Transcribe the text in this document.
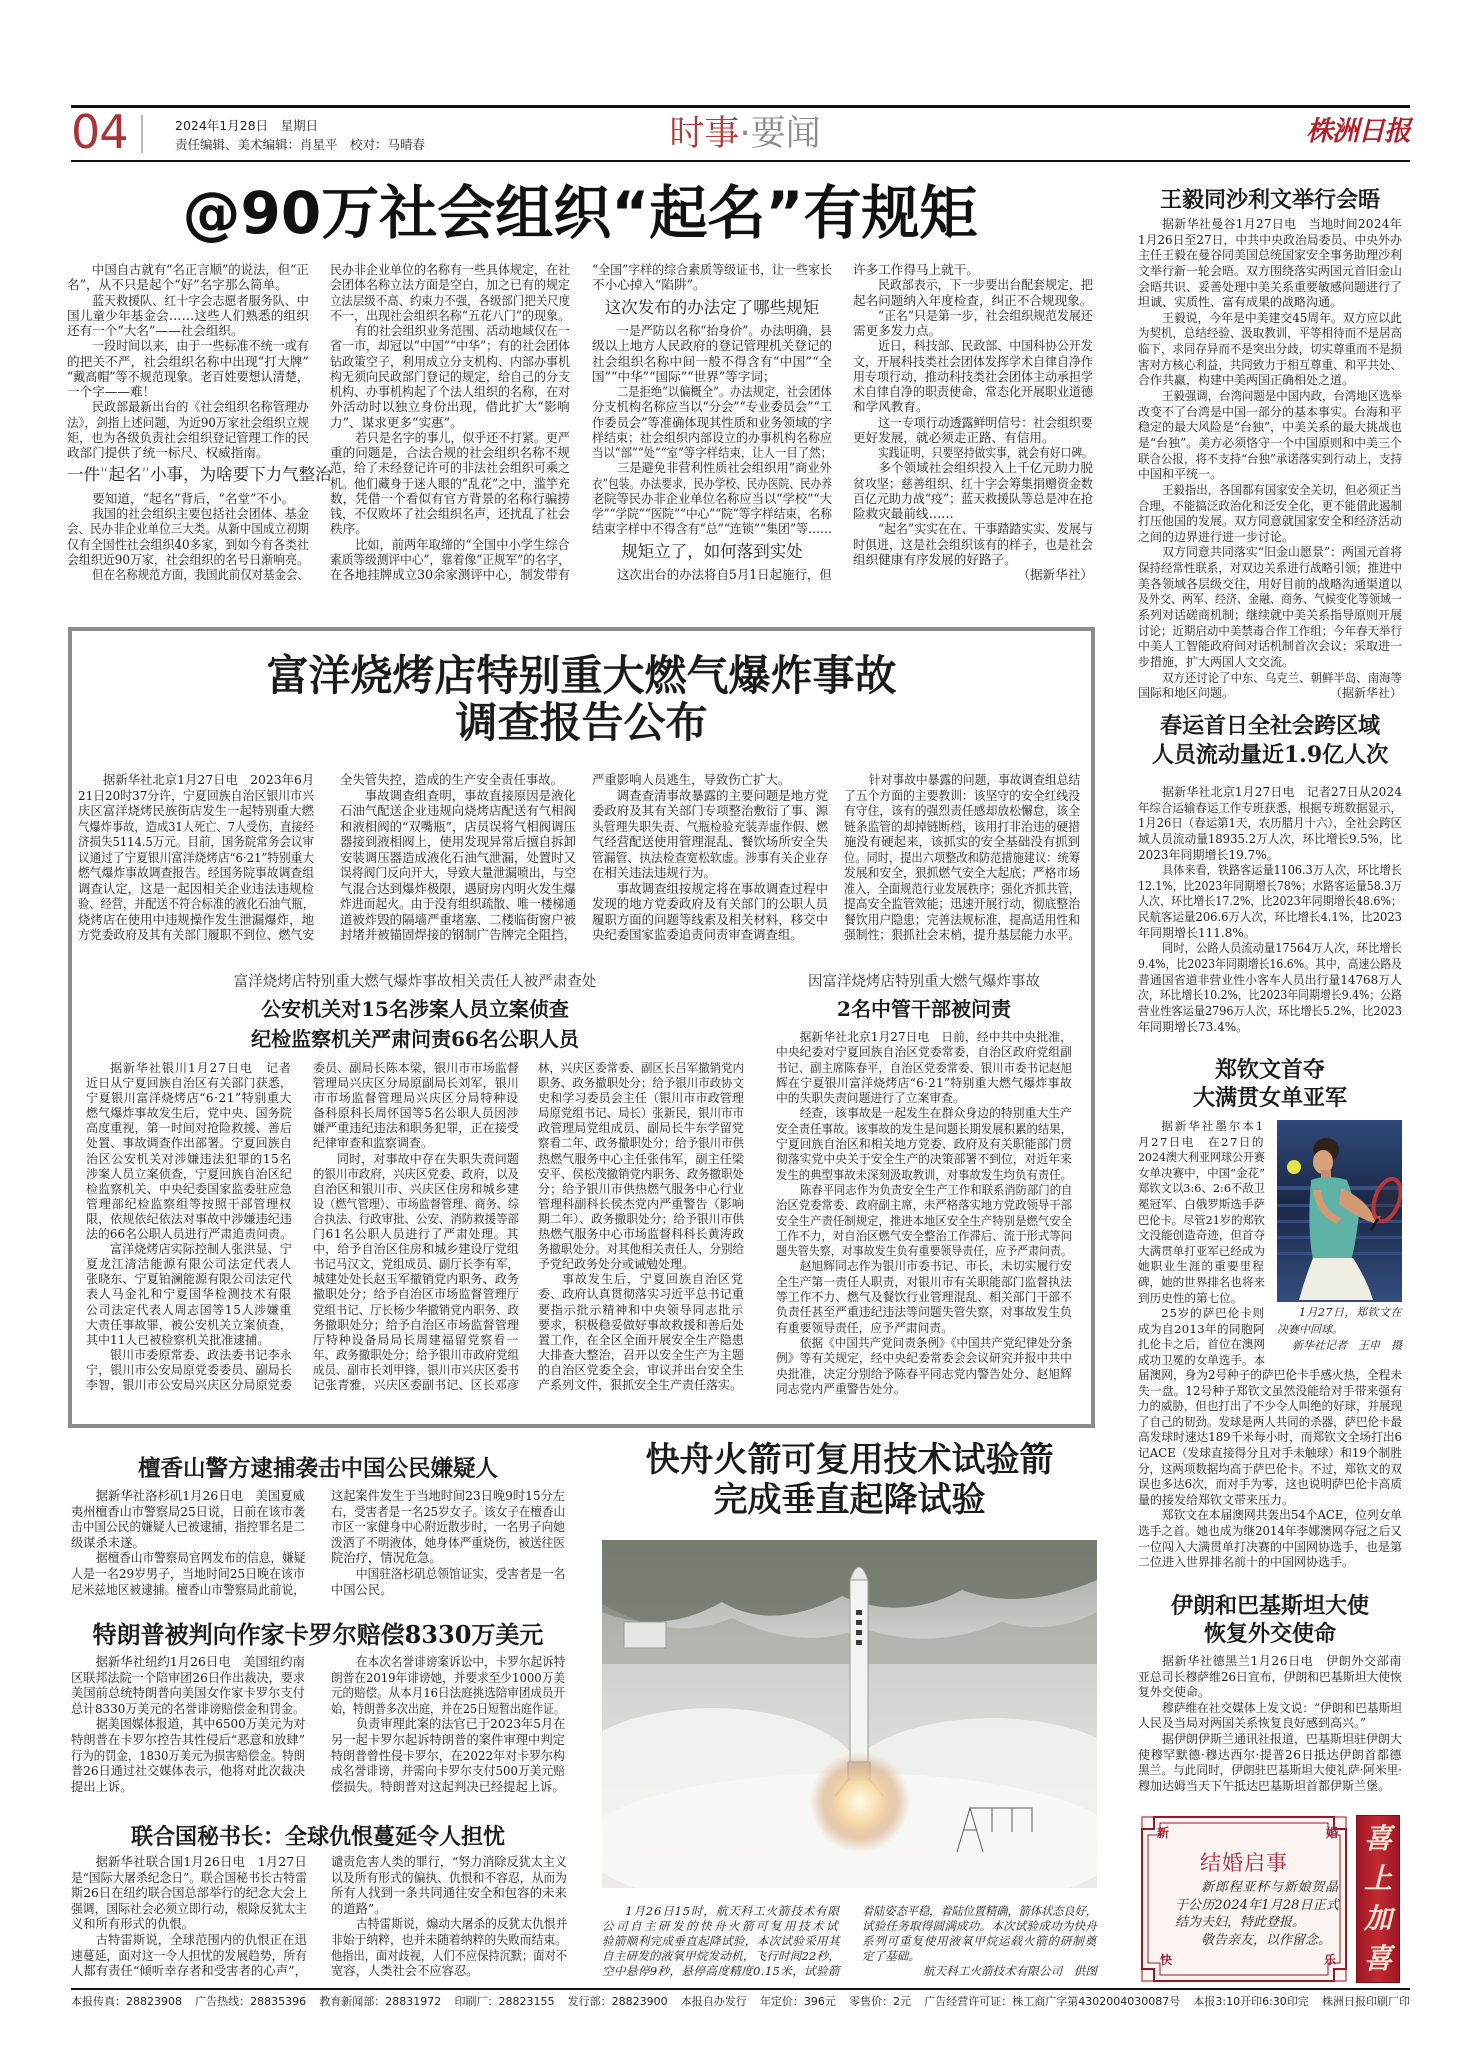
04	2024年1月28日　星期日
责任编辑、美术编辑：肖星平　校对：马晴春	时事·要闻	株洲日报
@90万社会组织“起名”有规矩
中国自古就有“名正言顺”的说法，但“正
名”，从不只是起个“好”名字那么简单。
蓝天救援队、红十字会志愿者服务队、中
国儿童少年基金会……这些人们熟悉的组织
还有一个“大名”——社会组织。
一段时间以来，由于一些标准不统一或有
的把关不严，社会组织名称中出现“打大牌”
“戴高帽”等不规范现象。老百姓要想认清楚，
一个字——难！
民政部最新出台的《社会组织名称管理办
法》，剑指上述问题，为近90万家社会组织立规
矩，也为各级负责社会组织登记管理工作的民
政部门提供了统一标尺、权威指南。
一件“起名”小事，为啥要下力气整治
要知道，“起名”背后，“名堂”不小。
我国的社会组织主要包括社会团体、基金
会、民办非企业单位三大类。从新中国成立初期
仅有全国性社会组织40多家，到如今有各类社
会组织近90万家，社会组织的名号日渐响亮。
但在名称规范方面，我国此前仅对基金会、
民办非企业单位的名称有一些具体规定，在社
会团体名称立法方面是空白，加之已有的规定
立法层级不高、约束力不强，各级部门把关尺度
不一，出现社会组织名称“五花八门”的现象。
有的社会组织业务范围、活动地域仅在一
省一市，却冠以“中国”“中华”；有的社会团体
钻政策空子，利用成立分支机构、内部办事机
构无须向民政部门登记的规定，给自己的分支
机构、办事机构起了个法人组织的名称，在对
外活动时以独立身份出现，借此扩大“影响
力”、谋求更多“实惠”。
若只是名字的事儿，似乎还不打紧。更严
重的问题是，合法合规的社会组织名称不规
范，给了未经登记许可的非法社会组织可乘之
机。他们藏身于迷人眼的“乱花”之中，滥竽充
数，凭借一个看似有官方背景的名称行骗捞
钱，不仅败坏了社会组织名声，还扰乱了社会
秩序。
比如，前两年取缔的“全国中小学生综合
素质等级测评中心”，靠着像“正规军”的名字，
在各地挂牌成立30余家测评中心，制发带有
“全国”字样的综合素质等级证书，让一些家长
不小心掉入“陷阱”。
这次发布的办法定了哪些规矩
一是严防以名称“抬身价”。办法明确，县
级以上地方人民政府的登记管理机关登记的
社会组织名称中间一般不得含有“中国”“全
国”“中华”“国际”“世界”等字词；
二是拒绝“以偏概全”。办法规定，社会团体
分支机构名称应当以“分会”“专业委员会”“工
作委员会”等准确体现其性质和业务领域的字
样结束；社会组织内部设立的办事机构名称应
当以“部”“处”“室”等字样结束，让人一目了然；
三是避免非营利性质社会组织用“商业外
衣”包装。办法要求，民办学校、民办医院、民办养
老院等民办非企业单位名称应当以“学校”“大
学”“学院”“医院”“中心”“院”等字样结束，名称
结束字样中不得含有“总”“连锁”“集团”等……
规矩立了，如何落到实处
这次出台的办法将自5月1日起施行，但
许多工作得马上就干。
民政部表示，下一步要出台配套规定，把
起名问题纳入年度检查，纠正不合规现象。
“正名”只是第一步，社会组织规范发展还
需更多发力点。
近日，科技部、民政部、中国科协公开发
文，开展科技类社会团体发挥学术自律自净作
用专项行动，推动科技类社会团体主动承担学
术自律自净的职责使命，常态化开展职业道德
和学风教育。
这一专项行动透露鲜明信号：社会组织要
更好发展，就必须走正路、有信用。
实践证明，只要坚持做实事，就会有好口碑。
多个领域社会组织投入上千亿元助力脱
贫攻坚；慈善组织、红十字会筹集捐赠资金数
百亿元助力战“疫”；蓝天救援队等总是冲在抢
险救灾最前线……
“起名”实实在在、干事踏踏实实、发展与
时俱进，这是社会组织该有的样子，也是社会
组织健康有序发展的好路子。
（据新华社）
富洋烧烤店特别重大燃气爆炸事故
调查报告公布
据新华社北京1月27日电　2023年6月
21日20时37分许，宁夏回族自治区银川市兴
庆区富洋烧烤民族街店发生一起特别重大燃
气爆炸事故，造成31人死亡、7人受伤，直接经
济损失5114.5万元。目前，国务院常务会议审
议通过了宁夏银川富洋烧烤店“6·21”特别重大
燃气爆炸事故调查报告。经国务院事故调查组
调查认定，这是一起因相关企业违法违规检
验、经营，并配送不符合标准的液化石油气瓶，
烧烤店在使用中违规操作发生泄漏爆炸，地
方党委政府及其有关部门履职不到位、燃气安
全失管失控，造成的生产安全责任事故。
事故调查组查明，事故直接原因是液化
石油气配送企业违规向烧烤店配送有气相阀
和液相阀的“双嘴瓶”，店员误将气相阀调压
器接到液相阀上，使用发现异常后擅自拆卸
安装调压器造成液化石油气泄漏，处置时又
误将阀门反向开大，导致大量泄漏喷出，与空
气混合达到爆炸极限，遇厨房内明火发生爆
炸进而起火。由于没有组织疏散、唯一楼梯通
道被炸毁的隔墙严重堵塞、二楼临街窗户被
封堵并被锚固焊接的钢制广告牌完全阻挡，
严重影响人员逃生，导致伤亡扩大。
调查查清事故暴露的主要问题是地方党
委政府及其有关部门专项整治敷衍了事、源
头管理失职失责、气瓶检验充装弄虚作假、燃
气经营配送使用管理混乱、餐饮场所安全失
管漏管、执法检查宽松软虚。涉事有关企业存
在相关违法违规行为。
事故调查组按规定将在事故调查过程中
发现的地方党委政府及有关部门的公职人员
履职方面的问题等线索及相关材料，移交中
央纪委国家监委追责问责审查调查组。
针对事故中暴露的问题，事故调查组总结
了五个方面的主要教训：该坚守的安全红线没
有守住，该有的强烈责任感却放松懈怠，该全
链条监管的却掉链断档，该用打非治违的硬措
施没有硬起来，该抓实的安全基础没有抓到
位。同时，提出六项整改和防范措施建议：统筹
发展和安全，狠抓燃气安全大起底；严格市场
准入，全面规范行业发展秩序；强化齐抓共管，
提高安全监管效能；迅速开展行动，彻底整治
餐饮用户隐患；完善法规标准，提高适用性和
强制性；狠抓社会末梢，提升基层能力水平。
富洋烧烤店特别重大燃气爆炸事故相关责任人被严肃查处
公安机关对15名涉案人员立案侦查
纪检监察机关严肃问责66名公职人员
据新华社银川1月27日电　记者
近日从宁夏回族自治区有关部门获悉，
宁夏银川富洋烧烤店“6·21”特别重大
燃气爆炸事故发生后，党中央、国务院
高度重视，第一时间对抢险救援、善后
处置、事故调查作出部署。宁夏回族自
治区公安机关对涉嫌违法犯罪的15名
涉案人员立案侦查，宁夏回族自治区纪
检监察机关、中央纪委国家监委驻应急
管理部纪检监察组等按照干部管理权
限，依规依纪依法对事故中涉嫌违纪违
法的66名公职人员进行严肃追责问责。
富洋烧烤店实际控制人张洪显、宁
夏龙江清洁能源有限公司法定代表人
张晓东、宁夏铂澜能源有限公司法定代
表人马金礼和宁夏国华检测技术有限
公司法定代表人周志国等15人涉嫌重
大责任事故罪，被公安机关立案侦查，
其中11人已被检察机关批准逮捕。
银川市委原常委、政法委书记李永
宁，银川市公安局原党委委员、副局长
李智，银川市公安局兴庆区分局原党委
委员、副局长陈本梁，银川市市场监督
管理局兴庆区分局原副局长刘军，银川
市市场监督管理局兴庆区分局特种设
备科原科长周怀国等5名公职人员因涉
嫌严重违纪违法和职务犯罪，正在接受
纪律审查和监察调查。
同时，对事故中存在失职失责问题
的银川市政府，兴庆区党委、政府，以及
自治区和银川市、兴庆区住房和城乡建
设（燃气管理）、市场监督管理、商务、综
合执法、行政审批、公安、消防救援等部
门61名公职人员进行了严肃处理。其
中，给予自治区住房和城乡建设厅党组
书记马汉文，党组成员、副厅长李有军，
城建处处长赵玉军撤销党内职务、政务
撤职处分；给予自治区市场监督管理厅
党组书记、厅长杨少华撤销党内职务、政
务撤职处分；给予自治区市场监督管理
厅特种设备局局长周建福留党察看一
年、政务撤职处分；给予银川市政府党组
成员、副市长刘甲锋，银川市兴庆区委书
记张青雅，兴庆区委副书记、区长邓彦
林，兴庆区委常委、副区长吕军撤销党内
职务、政务撤职处分；给予银川市政协文
史和学习委员会主任（银川市市政管理
局原党组书记、局长）张新民，银川市市
政管理局党组成员、副局长牛东学留党
察看二年、政务撤职处分；给予银川市供
热燃气服务中心主任张伟军，副主任梁
安平、侯松茂撤销党内职务、政务撤职处
分；给予银川市供热燃气服务中心行业
管理科副科长侯杰党内严重警告（影响
期二年）、政务撤职处分；给予银川市供
热燃气服务中心市场监督科科长黄涛政
务撤职处分。对其他相关责任人，分别给
予党纪政务处分或诫勉处理。
事故发生后，宁夏回族自治区党
委、政府认真贯彻落实习近平总书记重
要指示批示精神和中央领导同志批示
要求，积极稳妥做好事故救援和善后处
置工作，在全区全面开展安全生产隐患
大排查大整治，召开以安全生产为主题
的自治区党委全会，审议并出台安全生
产系列文件，狠抓安全生产责任落实。
因富洋烧烤店特别重大燃气爆炸事故
2名中管干部被问责
据新华社北京1月27日电　日前，经中共中央批准，
中央纪委对宁夏回族自治区党委常委，自治区政府党组副
书记、副主席陈春平，自治区党委常委、银川市委书记赵旭
辉在宁夏银川富洋烧烤店“6·21”特别重大燃气爆炸事故
中的失职失责问题进行了立案审查。
经查，该事故是一起发生在群众身边的特别重大生产
安全责任事故。该事故的发生是问题长期发展积累的结果，
宁夏回族自治区和相关地方党委、政府及有关职能部门贯
彻落实党中央关于安全生产的决策部署不到位，对近年来
发生的典型事故未深刻汲取教训，对事故发生均负有责任。
陈春平同志作为负责安全生产工作和联系消防部门的自
治区党委常委、政府副主席，未严格落实地方党政领导干部
安全生产责任制规定，推进本地区安全生产特别是燃气安全
工作不力，对自治区燃气安全整治工作滞后、流于形式等问
题失管失察，对事故发生负有重要领导责任，应予严肃问责。
赵旭辉同志作为银川市委书记、市长，未切实履行安
全生产第一责任人职责，对银川市有关职能部门监督执法
等工作不力、燃气及餐饮行业管理混乱、相关部门干部不
负责任甚至严重违纪违法等问题失管失察，对事故发生负
有重要领导责任，应予严肃问责。
依据《中国共产党问责条例》《中国共产党纪律处分条
例》等有关规定，经中央纪委常委会会议研究并报中共中
央批准，决定分别给予陈春平同志党内警告处分、赵旭辉
同志党内严重警告处分。
王毅同沙利文举行会晤
据新华社曼谷1月27日电　当地时间2024年
1月26日至27日，中共中央政治局委员、中央外办
主任王毅在曼谷同美国总统国家安全事务助理沙利
文举行新一轮会晤。双方围绕落实两国元首旧金山
会晤共识、妥善处理中美关系重要敏感问题进行了
坦诚、实质性、富有成果的战略沟通。
王毅说，今年是中美建交45周年。双方应以此
为契机，总结经验、汲取教训，平等相待而不是居高
临下，求同存异而不是突出分歧，切实尊重而不是损
害对方核心利益，共同致力于相互尊重、和平共处、
合作共赢，构建中美两国正确相处之道。
王毅强调，台湾问题是中国内政，台湾地区选举
改变不了台湾是中国一部分的基本事实。台海和平
稳定的最大风险是“台独”，中美关系的最大挑战也
是“台独”。美方必须恪守一个中国原则和中美三个
联合公报，将不支持“台独”承诺落实到行动上，支持
中国和平统一。
王毅指出，各国都有国家安全关切，但必须正当
合理，不能搞泛政治化和泛安全化，更不能借此遏制
打压他国的发展。双方同意就国家安全和经济活动
之间的边界进行进一步讨论。
双方同意共同落实“旧金山愿景”：两国元首将
保持经常性联系，对双边关系进行战略引领；推进中
美各领域各层级交往，用好目前的战略沟通渠道以
及外交、两军、经济、金融、商务、气候变化等领域一
系列对话磋商机制；继续就中美关系指导原则开展
讨论；近期启动中美禁毒合作工作组；今年春天举行
中美人工智能政府间对话机制首次会议；采取进一
步措施，扩大两国人文交流。
双方还讨论了中东、乌克兰、朝鲜半岛、南海等
国际和地区问题。	（据新华社）
春运首日全社会跨区域
人员流动量近1.9亿人次
据新华社北京1月27日电　记者27日从2024
年综合运输春运工作专班获悉，根据专班数据显示，
1月26日（春运第1天，农历腊月十六），全社会跨区
域人员流动量18935.2万人次，环比增长9.5%，比
2023年同期增长19.7%。
具体来看，铁路客运量1106.3万人次，环比增长
12.1%，比2023年同期增长78%；水路客运量58.3万
人次，环比增长17.2%，比2023年同期增长48.6%；
民航客运量206.6万人次，环比增长4.1%，比2023
年同期增长111.8%。
同时，公路人员流动量17564万人次，环比增长
9.4%，比2023年同期增长16.6%。其中，高速公路及
普通国省道非营业性小客车人员出行量14768万人
次，环比增长10.2%，比2023年同期增长9.4%；公路
营业性客运量2796万人次，环比增长5.2%，比2023
年同期增长73.4%。
郑钦文首夺
大满贯女单亚军
据新华社墨尔本1
月27日电　在27日的
2024澳大利亚网球公开赛
女单决赛中，中国“金花”
郑钦文以3:6、2:6不敌卫
冕冠军、白俄罗斯选手萨
巴伦卡。尽管21岁的郑钦
文没能创造奇迹，但首夺
大满贯单打亚军已经成为
她职业生涯的重要里程
碑，她的世界排名也将来
到历史性的第七位。
25岁的萨巴伦卡则
成为自2013年的同胞阿
扎伦卡之后，首位在澳网
成功卫冕的女单选手。本
1月27日，郑钦文在
决赛中回球。
新华社记者　王申　摄
届澳网，身为2号种子的萨巴伦卡手感火热，全程未
失一盘。12号种子郑钦文虽然没能给对手带来强有
力的威胁，但也打出了不少令人叫绝的好球，并展现
了自己的韧劲。发球是两人共同的杀器，萨巴伦卡最
高发球时速达189千米每小时，而郑钦文全场打出6
记ACE（发球直接得分且对手未触球）和19个制胜
分，这两项数据均高于萨巴伦卡。不过，郑钦文的双
误也多达6次，而对手为零，这也说明萨巴伦卡高质
量的接发给郑钦文带来压力。
郑钦文在本届澳网共轰出54个ACE，位列女单
选手之首。她也成为继2014年李娜澳网夺冠之后又
一位闯入大满贯单打决赛的中国网协选手，也是第
二位进入世界排名前十的中国网协选手。
伊朗和巴基斯坦大使
恢复外交使命
据新华社德黑兰1月26日电　伊朗外交部南
亚总司长穆萨维26日宣布，伊朗和巴基斯坦大使恢
复外交使命。
穆萨维在社交媒体上发文说：“伊朗和巴基斯坦
人民及当局对两国关系恢复良好感到高兴。”
据伊朗伊斯兰通讯社报道，巴基斯坦驻伊朗大
使穆罕默德·穆达西尔·提普26日抵达伊朗首都德
黑兰。与此同时，伊朗驻巴基斯坦大使礼萨·阿米里·
穆加达姆当天下午抵达巴基斯坦首都伊斯兰堡。
新	婚
快	乐
结婚启事
新郎程亚杯与新娘贺晶
于公历2024年1月28日正式
结为夫妇，特此登报。
敬告亲友，以作留念。
喜
上
加
喜
檀香山警方逮捕袭击中国公民嫌疑人
据新华社洛杉矶1月26日电　美国夏威
夷州檀香山市警察局25日说，日前在该市袭
击中国公民的嫌疑人已被逮捕，指控罪名是二
级谋杀未遂。
据檀香山市警察局官网发布的信息，嫌疑
人是一名29岁男子，当地时间25日晚在该市
尼米兹地区被逮捕。檀香山市警察局此前说，
这起案件发生于当地时间23日晚9时15分左
右，受害者是一名25岁女子。该女子在檀香山
市区一家健身中心附近散步时，一名男子向她
泼洒了不明液体，她身体严重烧伤，被送往医
院治疗，情况危急。
中国驻洛杉矶总领馆证实，受害者是一名
中国公民。
特朗普被判向作家卡罗尔赔偿8330万美元
据新华社纽约1月26日电　美国纽约南
区联邦法院一个陪审团26日作出裁决，要求
美国前总统特朗普向美国女作家卡罗尔支付
总计8330万美元的名誉诽谤赔偿金和罚金。
据美国媒体报道，其中6500万美元为对
特朗普在卡罗尔控告其性侵后“恶意和放肆”
行为的罚金，1830万美元为损害赔偿金。特朗
普26日通过社交媒体表示，他将对此次裁决
提出上诉。
在本次名誉诽谤案诉讼中，卡罗尔起诉特
朗普在2019年诽谤她，并要求至少1000万美
元的赔偿。从本月16日法庭挑选陪审团成员开
始，特朗普多次出庭，并在25日短暂出庭作证。
负责审理此案的法官已于2023年5月在
另一起卡罗尔起诉特朗普的案件审理中判定
特朗普曾性侵卡罗尔，在2022年对卡罗尔构
成名誉诽谤，并需向卡罗尔支付500万美元赔
偿损失。特朗普对这起判决已经提起上诉。
联合国秘书长：全球仇恨蔓延令人担忧
据新华社联合国1月26日电　1月27日
是“国际大屠杀纪念日”。联合国秘书长古特雷
斯26日在纽约联合国总部举行的纪念大会上
强调，国际社会必须立即行动，根除反犹太主
义和所有形式的仇恨。
古特雷斯说，全球范围内的仇恨正在迅
速蔓延，面对这一令人担忧的发展趋势，所有
人都有责任“倾听幸存者和受害者的心声”，
谴责危害人类的罪行，“努力消除反犹太主义
以及所有形式的偏执、仇恨和不容忍，从而为
所有人找到一条共同通往安全和包容的未来
的道路”。
古特雷斯说，煽动大屠杀的反犹太仇恨并
非始于纳粹，也并未随着纳粹的失败而结束。
他指出，面对歧视，人们不应保持沉默；面对不
宽容，人类社会不应容忍。
快舟火箭可复用技术试验箭
完成垂直起降试验
1月26日15时，航天科工火箭技术有限
公司自主研发的快舟火箭可复用技术试
验箭顺利完成垂直起降试验，本次试验采用其
自主研发的液氧甲烷发动机，飞行时间22秒，
空中悬停9秒，悬停高度精度0.15米，试验箭
着陆姿态平稳，着陆位置精确，箭体状态良好，
试验任务取得圆满成功。本次试验成功为快舟
系列可重复使用液氧甲烷运载火箭的研制奠
定了基础。
航天科工火箭技术有限公司　供图
本报传真：28823908 广告热线：28835396 教育新闻部：28831972 印刷厂：28823155 发行部：28823900 本报自办发行 年定价：396元 零售价：2元 广告经营许可证：株工商广字第4302004030087号 本报3:10开印6:30印完 株洲日报印刷厂印
